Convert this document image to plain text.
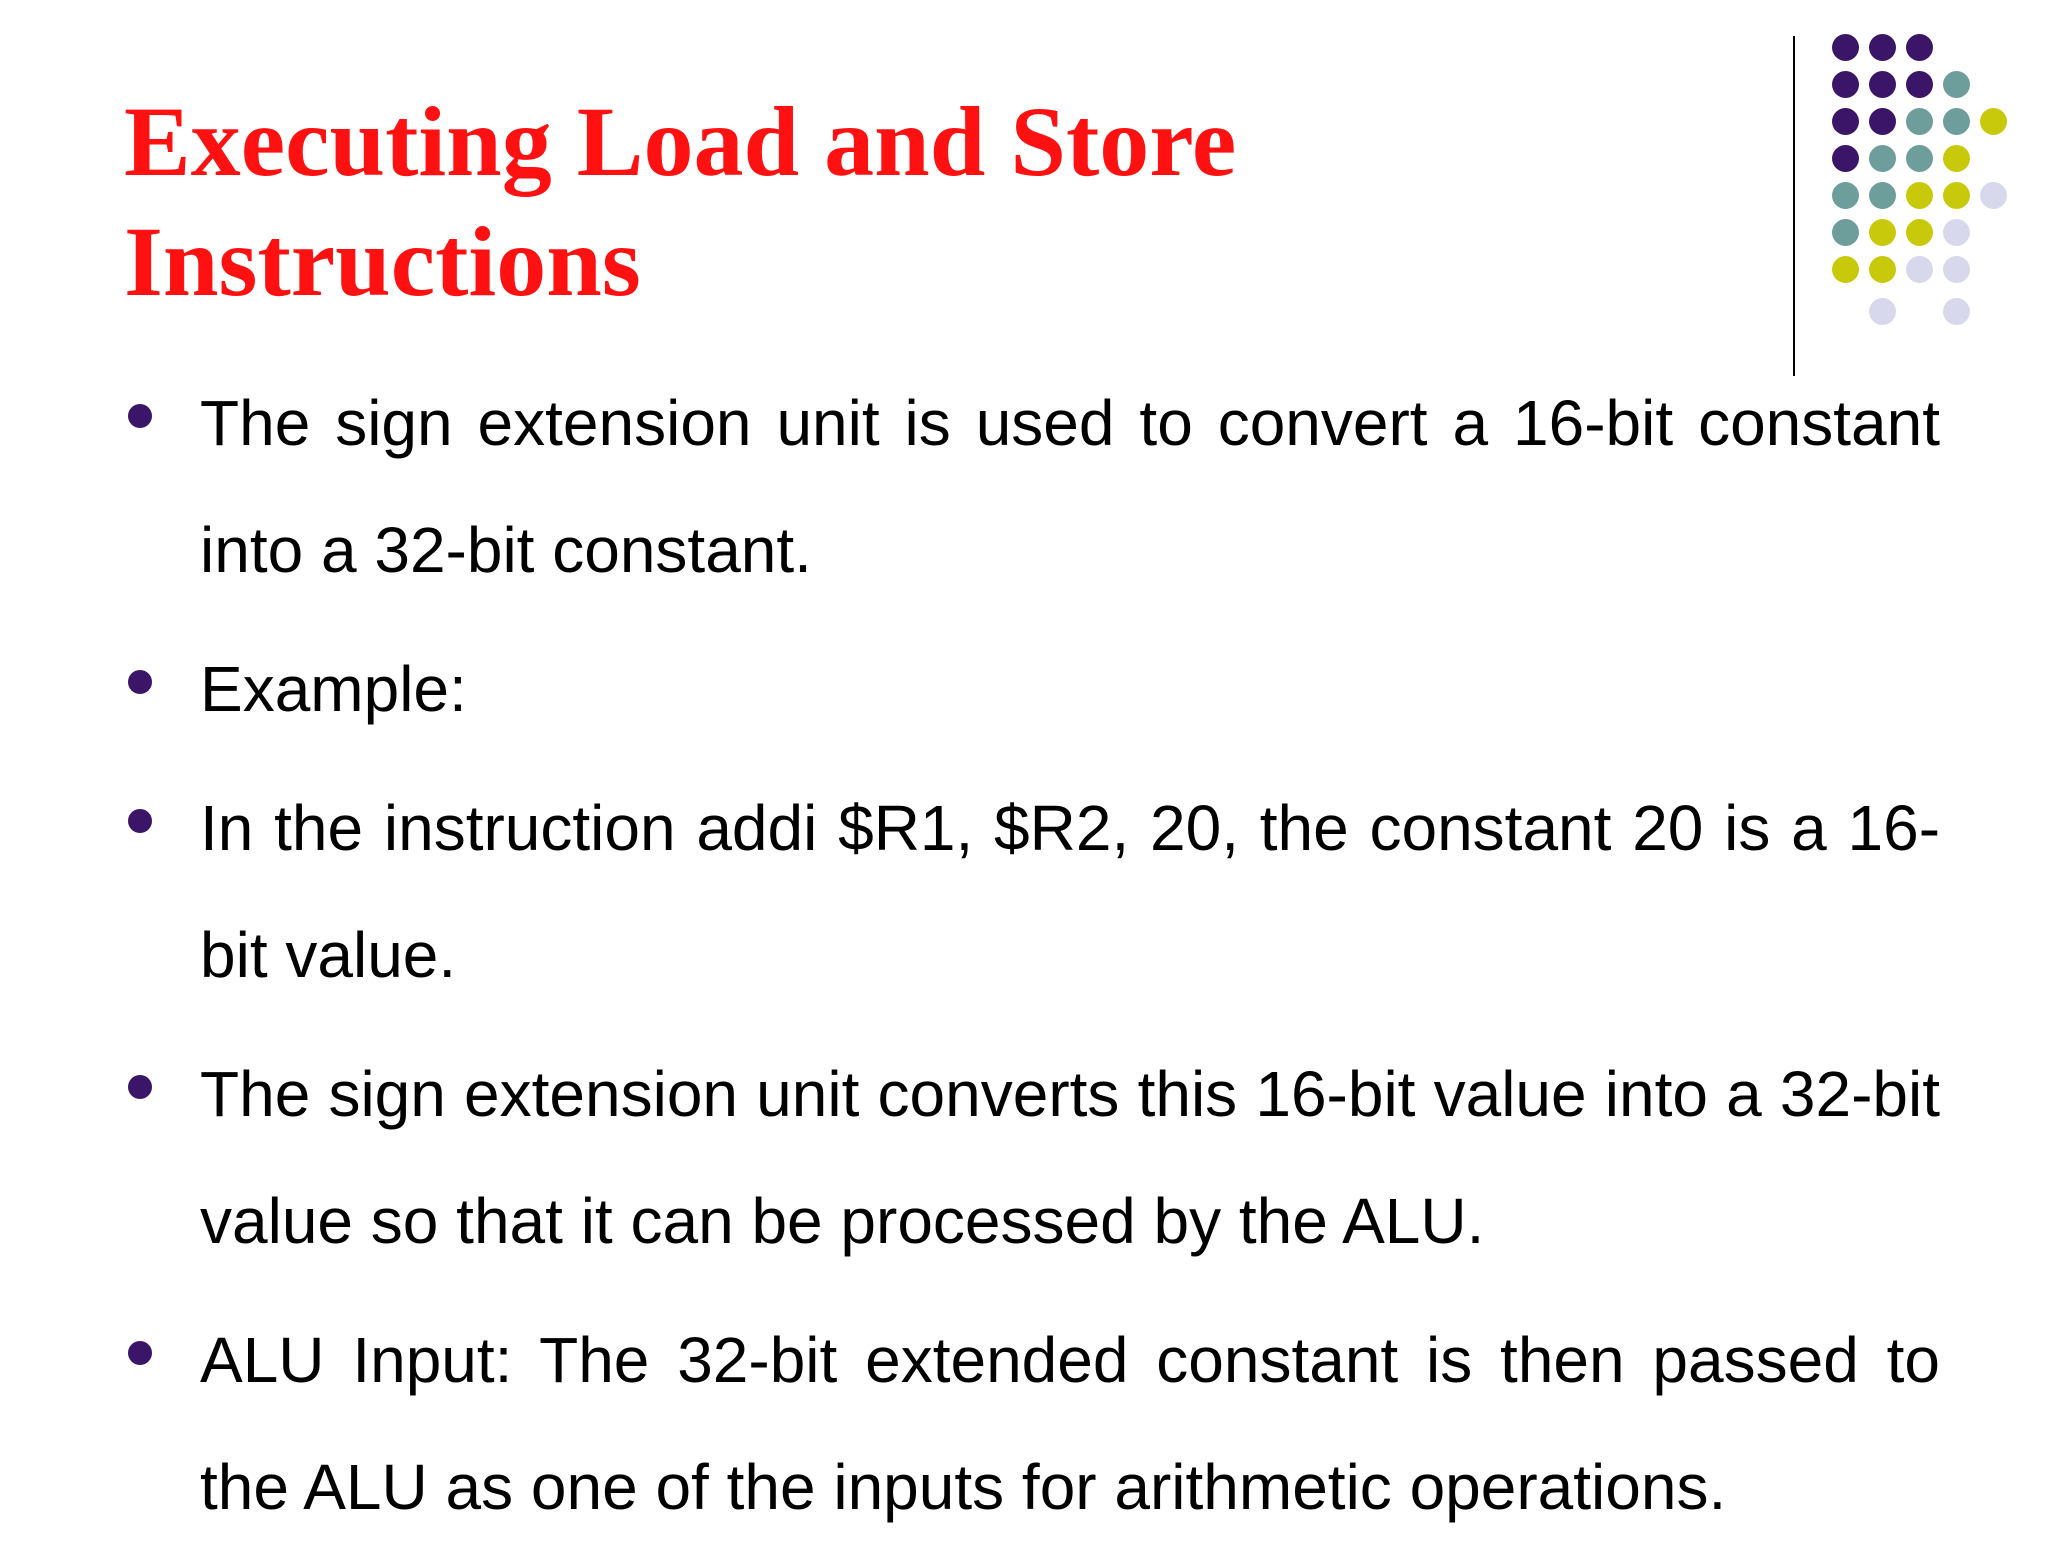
Executing Load and Store
Instructions
The sign extension unit is used to convert a 16-bit constant into a 32-bit constant.
Example:
In the instruction addi $R1, $R2, 20, the constant 20 is a 16-bit value.
The sign extension unit converts this 16-bit value into a 32-bit value so that it can be processed by the ALU.
ALU Input: The 32-bit extended constant is then passed to the ALU as one of the inputs for arithmetic operations.
